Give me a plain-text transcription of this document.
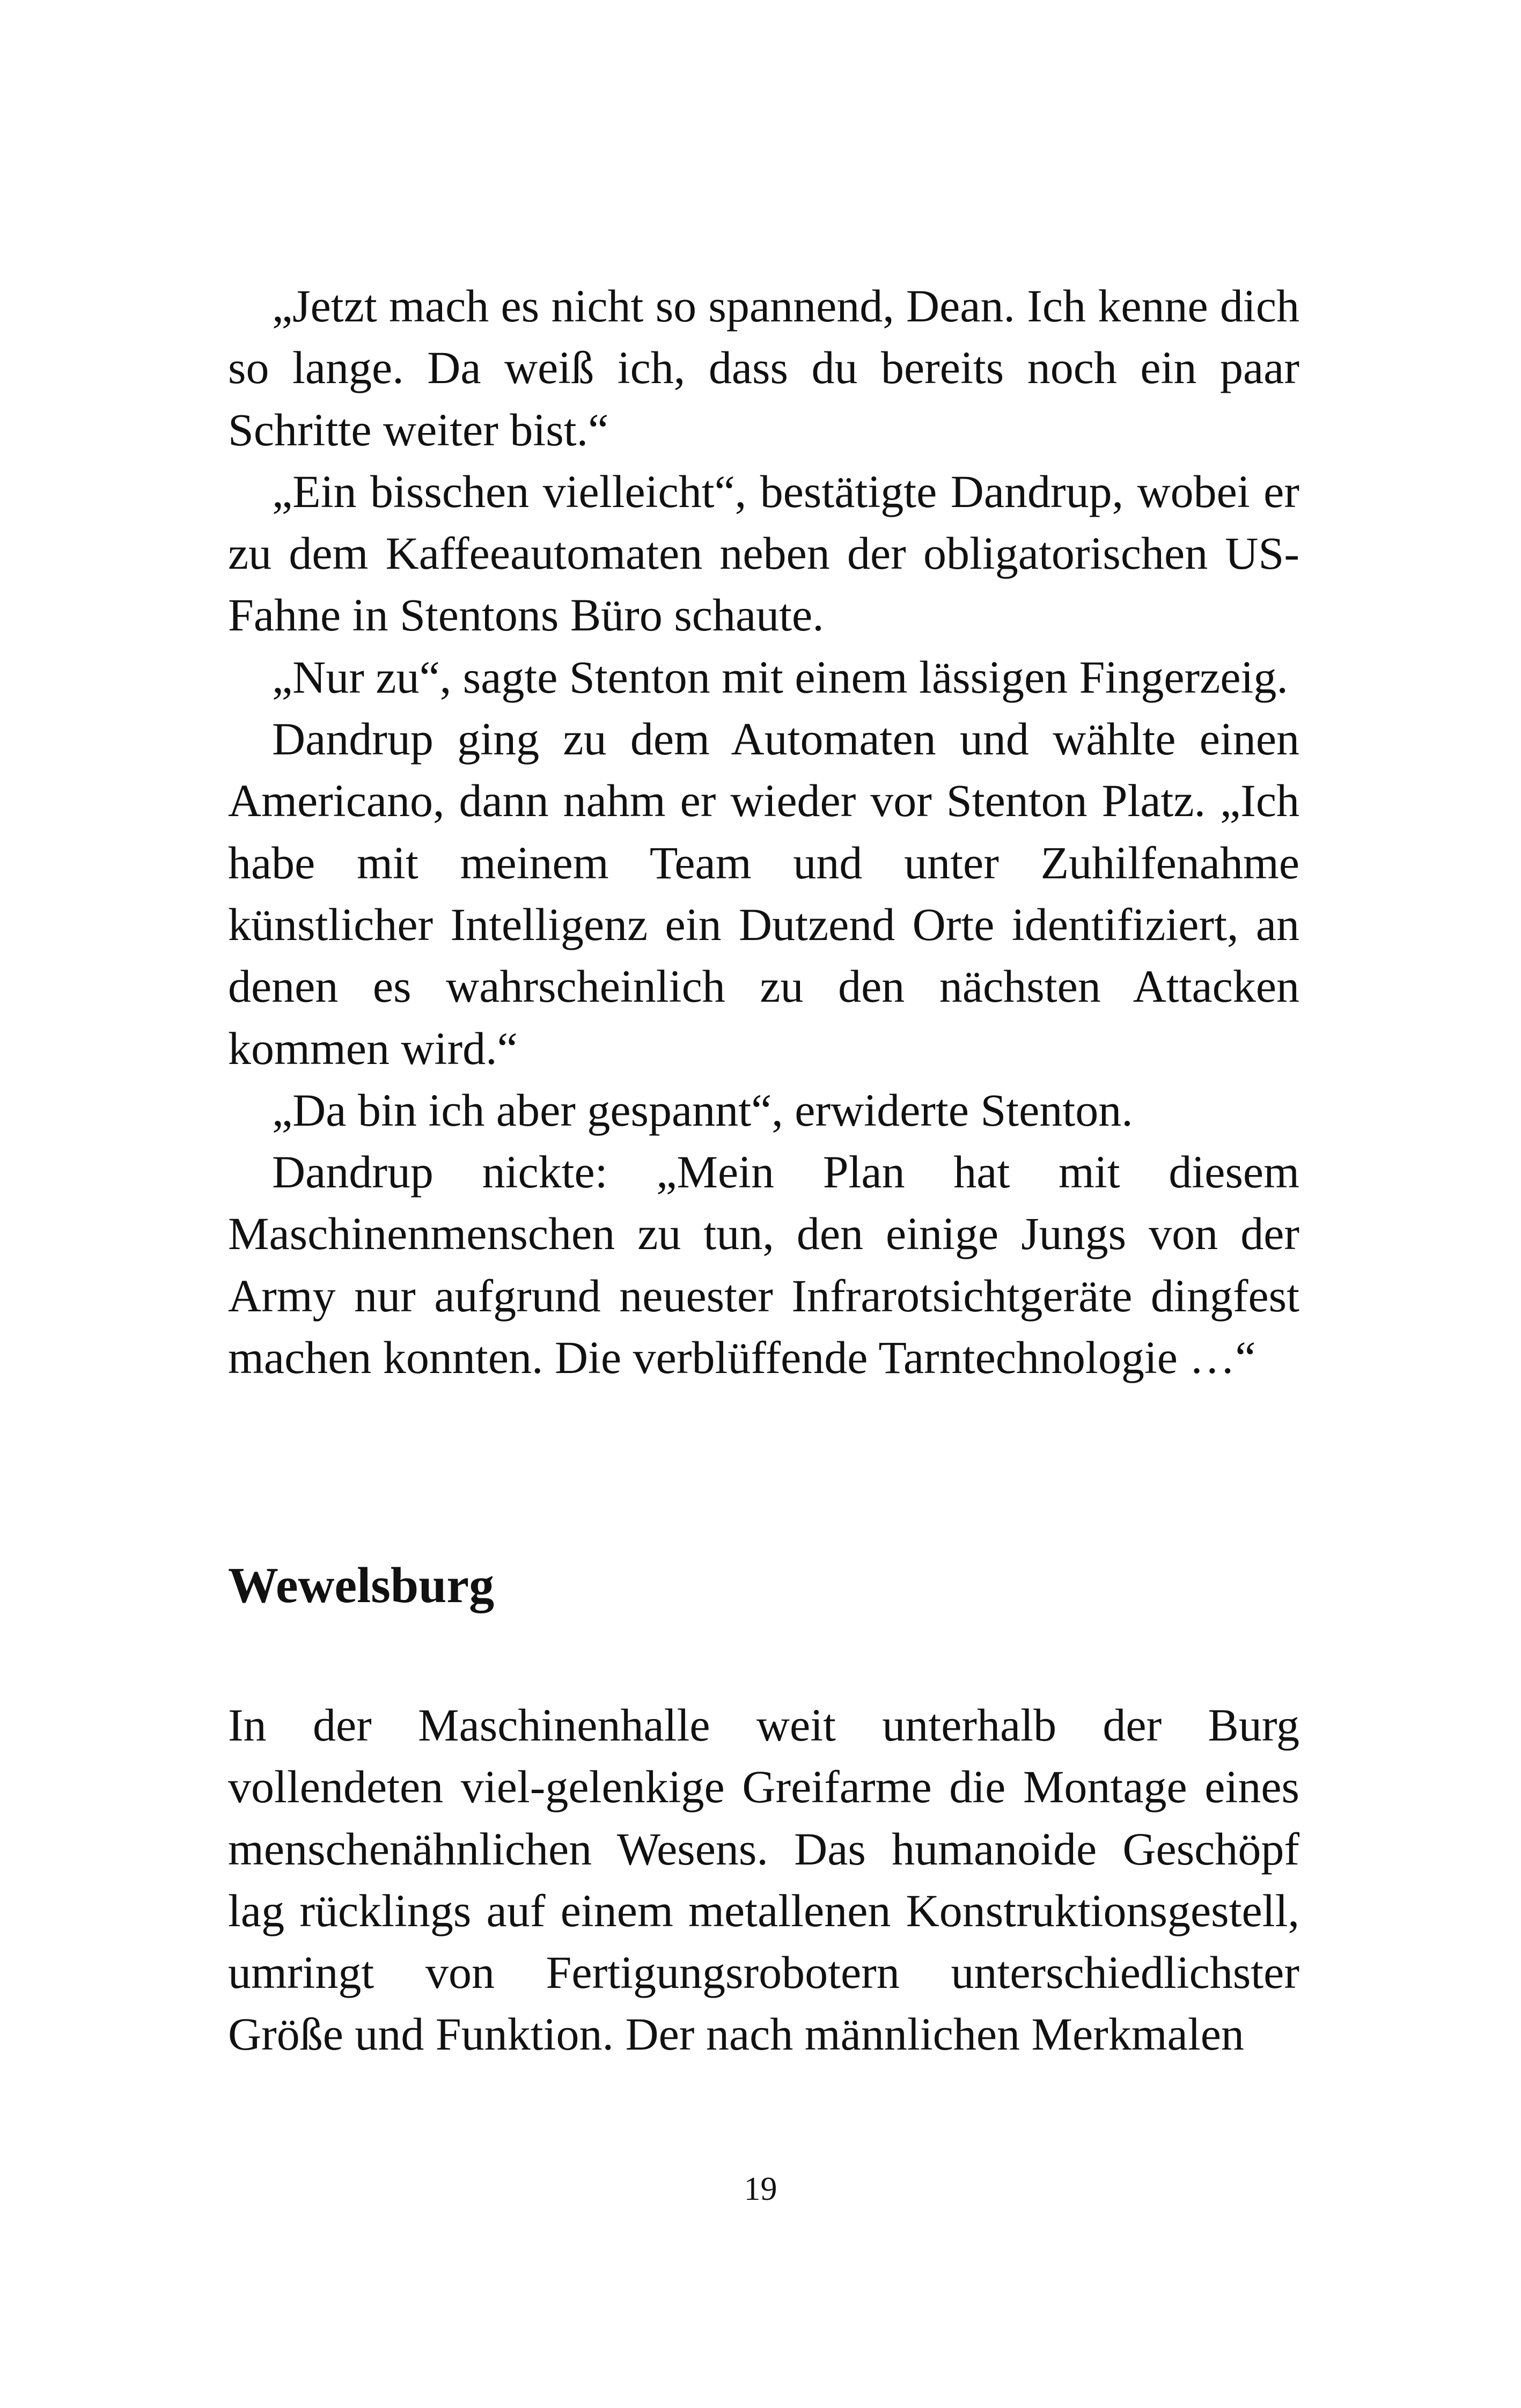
„Jetzt mach es nicht so spannend, Dean. Ich kenne dich so lange. Da weiß ich, dass du bereits noch ein paar Schritte weiter bist.“

„Ein bisschen vielleicht“, bestätigte Dandrup, wobei er zu dem Kaffeeautomaten neben der obligatorischen US-Fahne in Stentons Büro schaute.

„Nur zu“, sagte Stenton mit einem lässigen Fingerzeig.

Dandrup ging zu dem Automaten und wählte einen Americano, dann nahm er wieder vor Stenton Platz. „Ich habe mit meinem Team und unter Zuhilfenahme künstlicher Intelligenz ein Dutzend Orte identifiziert, an denen es wahrscheinlich zu den nächsten Attacken kommen wird.“

„Da bin ich aber gespannt“, erwiderte Stenton.

Dandrup nickte: „Mein Plan hat mit diesem Maschinenmenschen zu tun, den einige Jungs von der Army nur aufgrund neuester Infrarotsichtgeräte dingfest machen konnten. Die verblüffende Tarntechnologie …“

Wewelsburg

In der Maschinenhalle weit unterhalb der Burg vollendeten viel-gelenkige Greifarme die Montage eines menschenähnlichen Wesens. Das humanoide Geschöpf lag rücklings auf einem metallenen Konstruktionsgestell, umringt von Fertigungsrobotern unterschiedlichster Größe und Funktion. Der nach männlichen Merkmalen

19
